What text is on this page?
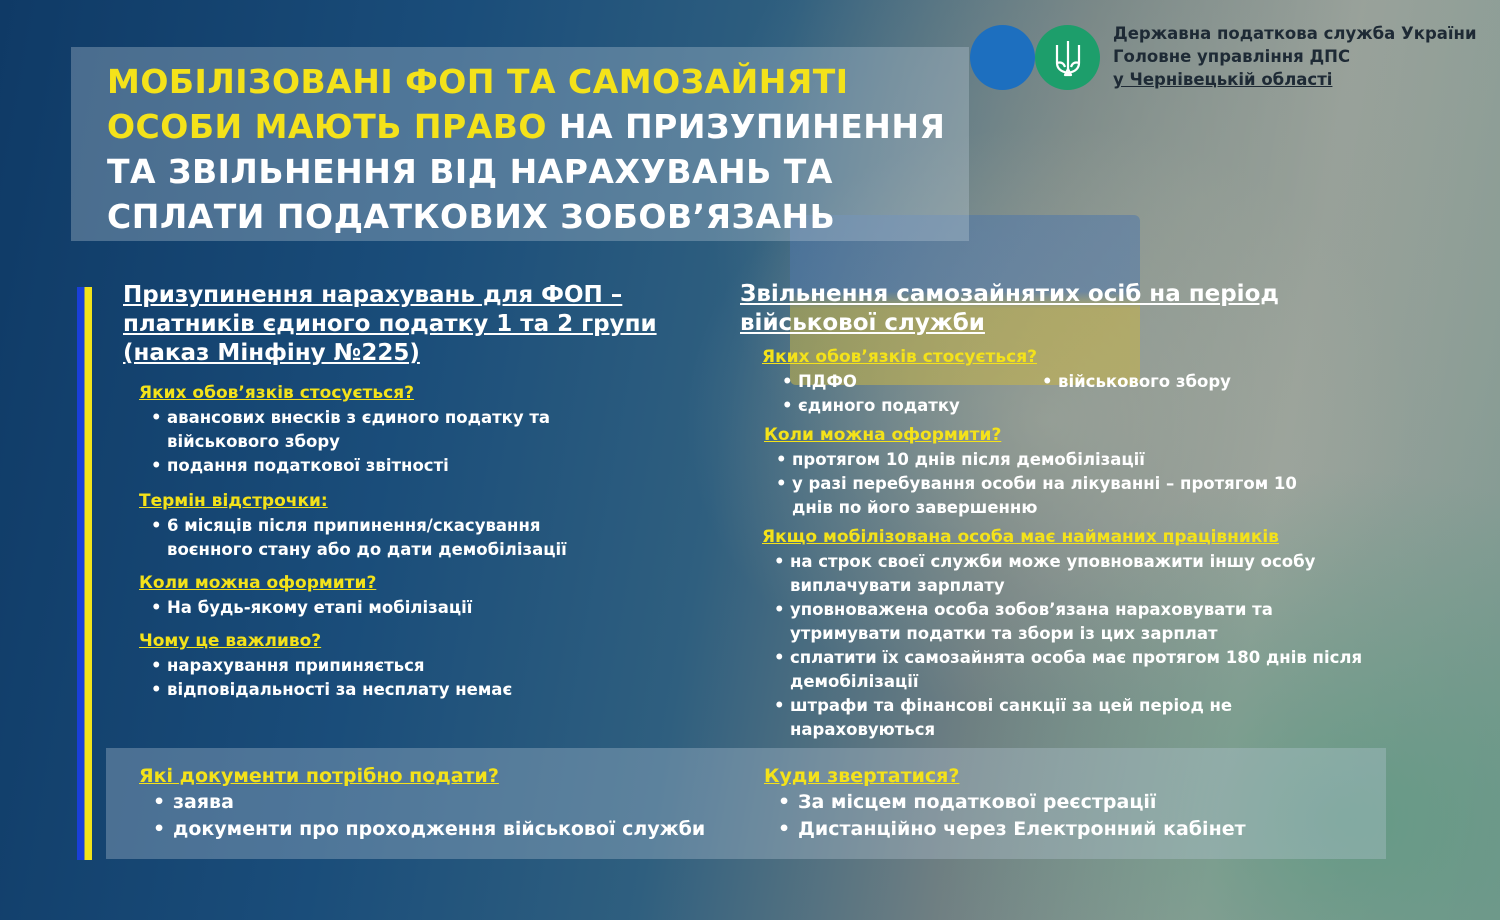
МОБІЛІЗОВАНІ ФОП ТА САМОЗАЙНЯТІ
ОСОБИ МАЮТЬ ПРАВО НА ПРИЗУПИНЕННЯ
ТА ЗВІЛЬНЕННЯ ВІД НАРАХУВАНЬ ТА
СПЛАТИ ПОДАТКОВИХ ЗОБОВ’ЯЗАНЬ
Державна податкова служба України
Головне управління ДПС
у Чернівецькій області
Призупинення нарахувань для ФОП –
платників єдиного податку 1 та 2 групи
(наказ Мінфіну №225)
Яких обов’язків стосується?
• авансових внесків з єдиного податку та військового збору
• подання податкової звітності
Термін відстрочки:
• 6 місяців після припинення/скасування воєнного стану або до дати демобілізації
Коли можна оформити?
• На будь-якому етапі мобілізації
Чому це важливо?
• нарахування припиняється
• відповідальності за несплату немає
Звільнення самозайнятих осіб на період
військової служби
Яких обов’язків стосується?
• ПДФО
• єдиного податку
• військового збору
Коли можна оформити?
• протягом 10 днів після демобілізації
• у разі перебування особи на лікуванні – протягом 10 днів по його завершенню
Якщо мобілізована особа має найманих працівників
• на строк своєї служби може уповноважити іншу особу виплачувати зарплату
• уповноважена особа зобов’язана нараховувати та утримувати податки та збори із цих зарплат
• сплатити їх самозайнята особа має протягом 180 днів після демобілізації
• штрафи та фінансові санкції за цей період не нараховуються
Які документи потрібно подати?
• заява
• документи про проходження військової служби
Куди звертатися?
• За місцем податкової реєстрації
• Дистанційно через Електронний кабінет
